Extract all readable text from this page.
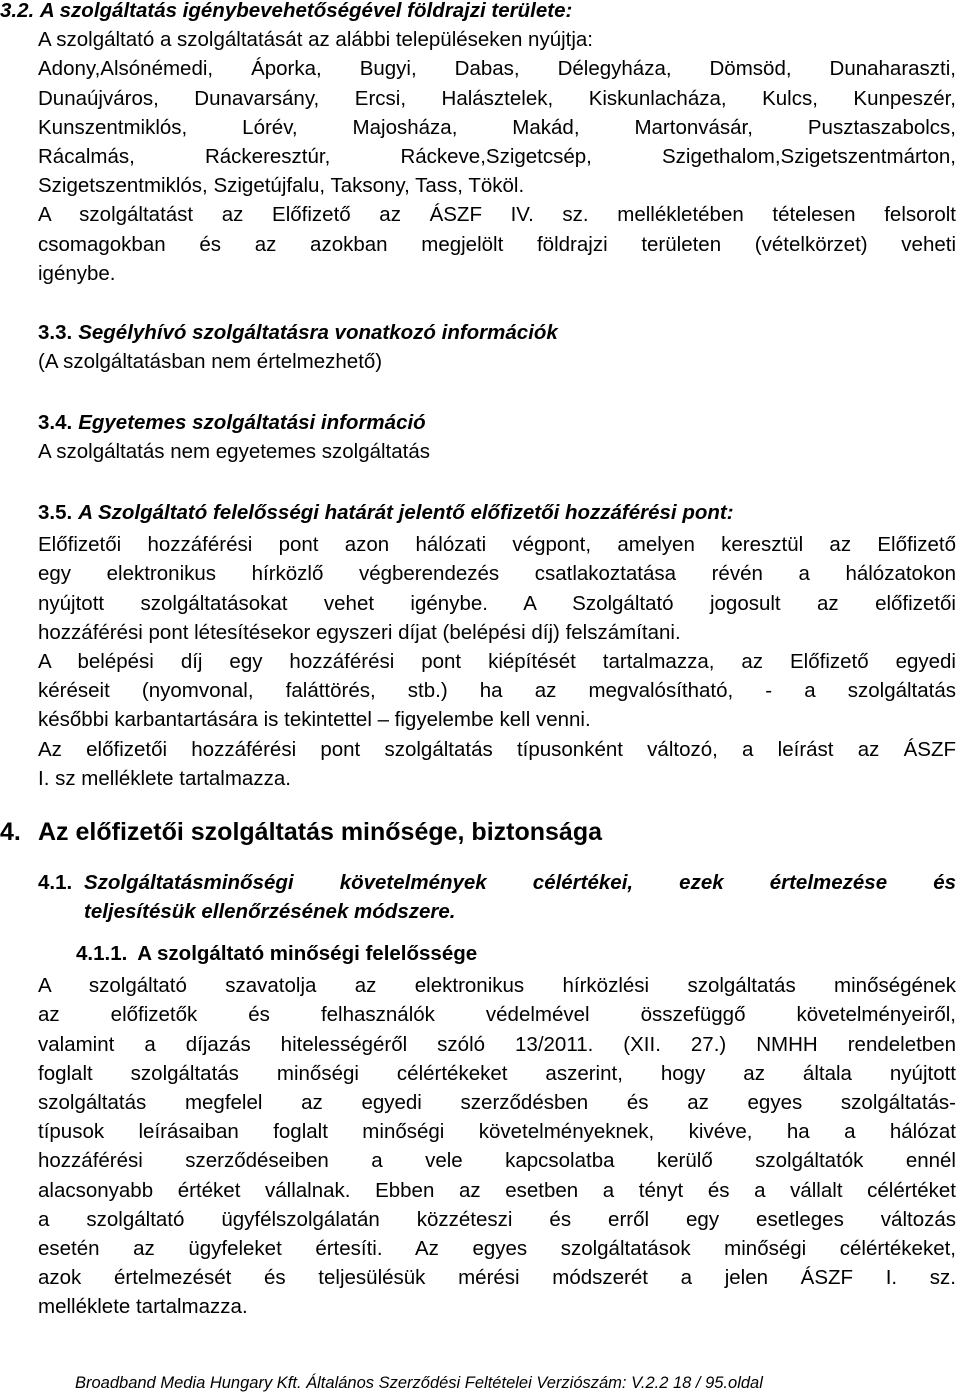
3.2. A szolgáltatás igénybevehetőségével földrajzi területe:
A szolgáltató a szolgáltatását az alábbi településeken nyújtja:
Adony,Alsónémedi, Áporka, Bugyi, Dabas, Délegyháza, Dömsöd, Dunaharaszti,
Dunaújváros, Dunavarsány, Ercsi, Halásztelek, Kiskunlacháza, Kulcs, Kunpeszér,
Kunszentmiklós, Lórév, Majosháza, Makád, Martonvásár, Pusztaszabolcs,
Rácalmás, Ráckeresztúr, Ráckeve,Szigetcsép, Szigethalom,Szigetszentmárton,
Szigetszentmiklós, Szigetújfalu, Taksony, Tass, Tököl.
A szolgáltatást az Előfizető az ÁSZF IV. sz. mellékletében tételesen felsorolt
csomagokban és az azokban megjelölt földrajzi területen (vételkörzet) veheti
igénybe.
3.3. Segélyhívó szolgáltatásra vonatkozó információk
(A szolgáltatásban nem értelmezhető)
3.4. Egyetemes szolgáltatási információ
A szolgáltatás nem egyetemes szolgáltatás
3.5. A Szolgáltató felelősségi határát jelentő előfizetői hozzáférési pont:
Előfizetői hozzáférési pont azon hálózati végpont, amelyen keresztül az Előfizető
egy elektronikus hírközlő végberendezés csatlakoztatása révén a hálózatokon
nyújtott szolgáltatásokat vehet igénybe. A Szolgáltató jogosult az előfizetői
hozzáférési pont létesítésekor egyszeri díjat (belépési díj) felszámítani.
A belépési díj egy hozzáférési pont kiépítését tartalmazza, az Előfizető egyedi
kéréseit (nyomvonal, faláttörés, stb.) ha az megvalósítható, - a szolgáltatás
későbbi karbantartására is tekintettel – figyelembe kell venni.
Az előfizetői hozzáférési pont szolgáltatás típusonként változó, a leírást az ÁSZF
I. sz melléklete tartalmazza.
4. Az előfizetői szolgáltatás minősége, biztonsága
4.1. Szolgáltatásminőségi követelmények célértékei, ezek értelmezése és
teljesítésük ellenőrzésének módszere.
4.1.1. A szolgáltató minőségi felelőssége
A szolgáltató szavatolja az elektronikus hírközlési szolgáltatás minőségének
az előfizetők és felhasználók védelmével összefüggő követelményeiről,
valamint a díjazás hitelességéről szóló 13/2011. (XII. 27.) NMHH rendeletben
foglalt szolgáltatás minőségi célértékeket aszerint, hogy az általa nyújtott
szolgáltatás megfelel az egyedi szerződésben és az egyes szolgáltatás-
típusok leírásaiban foglalt minőségi követelményeknek, kivéve, ha a hálózat
hozzáférési szerződéseiben a vele kapcsolatba kerülő szolgáltatók ennél
alacsonyabb értéket vállalnak. Ebben az esetben a tényt és a vállalt célértéket
a szolgáltató ügyfélszolgálatán közzéteszi és erről egy esetleges változás
esetén az ügyfeleket értesíti. Az egyes szolgáltatások minőségi célértékeket,
azok értelmezését és teljesülésük mérési módszerét a jelen ÁSZF I. sz.
melléklete tartalmazza.
Broadband Media Hungary Kft. Általános Szerződési Feltételei Verziószám: V.2.2 18 / 95.oldal
